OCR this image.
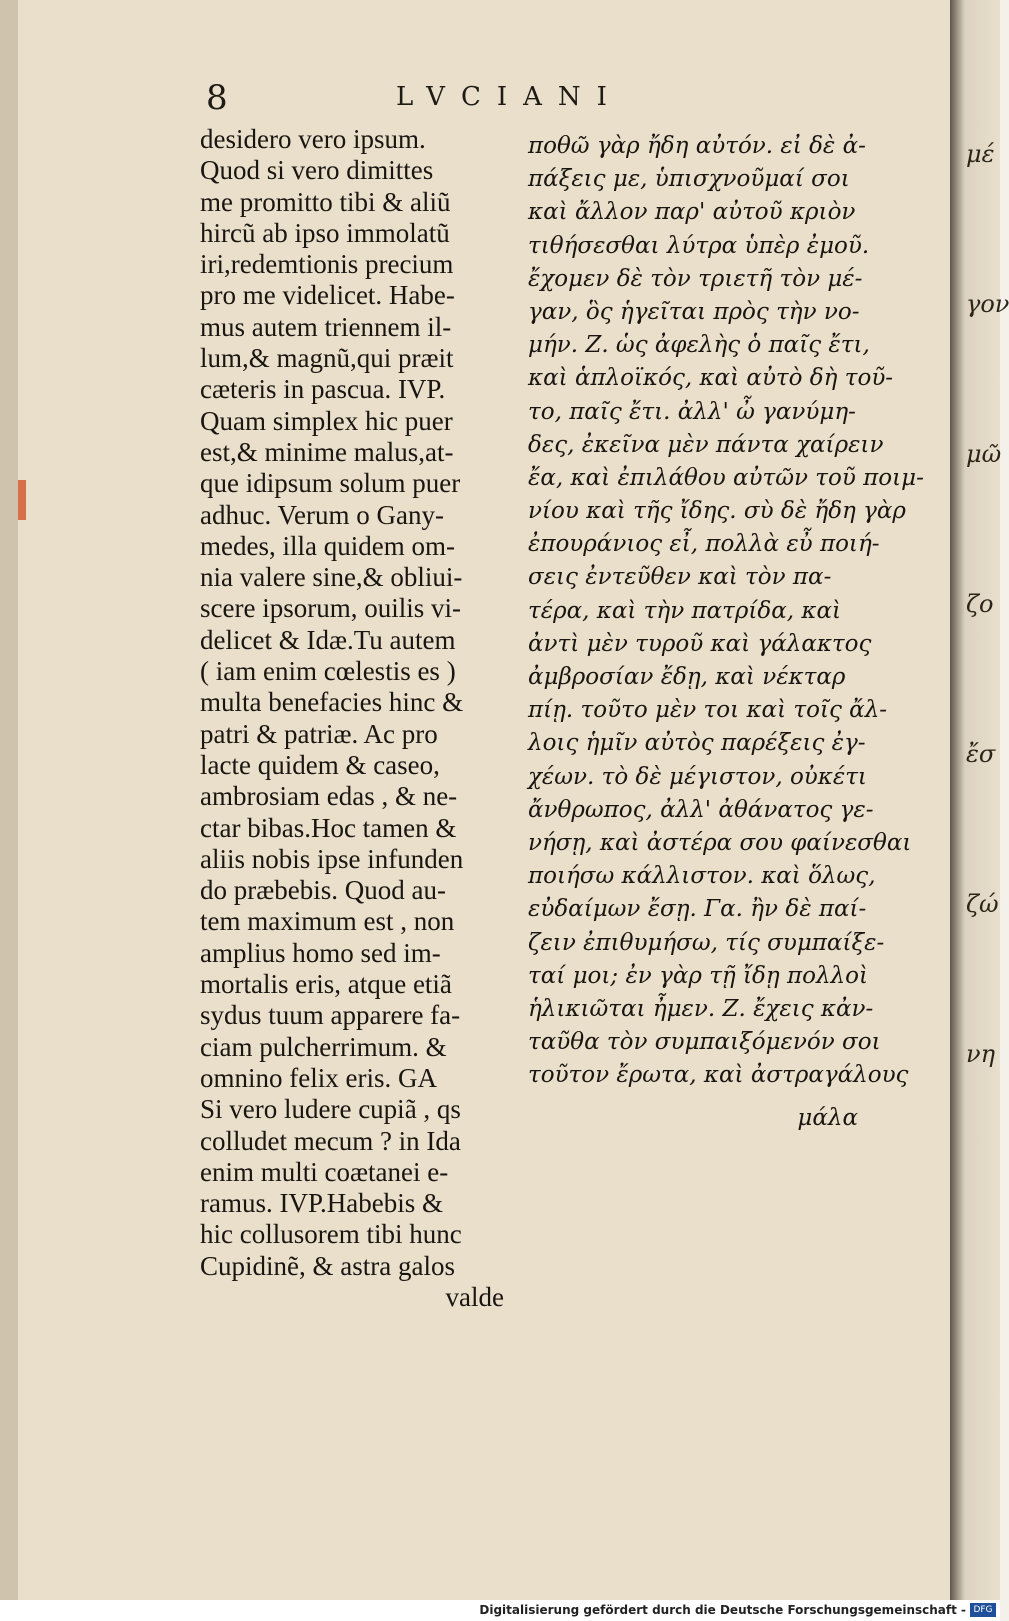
8	LVCIANI
desidero vero ipsum.
Quod si vero dimittes
me promitto tibi & aliũ
hircũ ab ipso immolatũ
iri,redemtionis precium
pro me videlicet. Habe-
mus autem triennem il-
lum,& magnũ,qui præit
cæteris in pascua. IVP.
Quam simplex hic puer
est,& minime malus,at-
que idipsum solum puer
adhuc. Verum o Gany-
medes, illa quidem om-
nia valere sine,& obliui-
scere ipsorum, ouilis vi-
delicet & Idæ.Tu autem
( iam enim cœlestis es )
multa benefacies hinc &
patri & patriæ. Ac pro
lacte quidem & caseo,
ambrosiam edas , & ne-
ctar bibas.Hoc tamen &
aliis nobis ipse infunden
do præbebis. Quod au-
tem maximum est , non
amplius homo sed im-
mortalis eris, atque etiã
sydus tuum apparere fa-
ciam pulcherrimum. &
omnino felix eris. GA
Si vero ludere cupiã , qs
colludet mecum ? in Ida
enim multi coætanei e-
ramus. IVP.Habebis &
hic collusorem tibi hunc
Cupidinẽ, & astra galos
valde
ποθῶ γὰρ ἤδη αὐτόν. εἰ δὲ ἀ-
πάξεις με, ὑπισχνοῦμαί σοι
καὶ ἄλλον παρ' αὐτοῦ κριὸν
τιθήσεσθαι λύτρα ὑπὲρ ἐμοῦ.
ἔχομεν δὲ τὸν τριετῆ τὸν μέ-
γαν, ὃς ἡγεῖται πρὸς τὴν νο-
μήν. Ζ. ὡς ἀφελὴς ὁ παῖς ἔτι,
καὶ ἁπλοϊκός, καὶ αὐτὸ δὴ τοῦ-
το, παῖς ἔτι. ἀλλ' ὦ γανύμη-
δες, ἐκεῖνα μὲν πάντα χαίρειν
ἔα, καὶ ἐπιλάθου αὐτῶν τοῦ ποιμ-
νίου καὶ τῆς ἴδης. σὺ δὲ ἤδη γὰρ
ἐπουράνιος εἶ, πολλὰ εὖ ποιή-
σεις ἐντεῦθεν καὶ τὸν πα-
τέρα, καὶ τὴν πατρίδα, καὶ
ἀντὶ μὲν τυροῦ καὶ γάλακτος
ἀμβροσίαν ἔδῃ, καὶ νέκταρ
πίῃ. τοῦτο μὲν τοι καὶ τοῖς ἄλ-
λοις ἡμῖν αὐτὸς παρέξεις ἐγ-
χέων. τὸ δὲ μέγιστον, οὐκέτι
ἄνθρωπος, ἀλλ' ἀθάνατος γε-
νήσῃ, καὶ ἀστέρα σου φαίνεσθαι
ποιήσω κάλλιστον. καὶ ὅλως,
εὐδαίμων ἔσῃ. Γα. ἢν δὲ παί-
ζειν ἐπιθυμήσω, τίς συμπαίξε-
ταί μοι; ἐν γὰρ τῇ ἴδῃ πολλοὶ
ἡλικιῶται ἦμεν. Ζ. ἔχεις κἀν-
ταῦθα τὸν συμπαιξόμενόν σοι
τοῦτον ἔρωτα, καὶ ἀστραγάλους
μάλα
μέ
γον
μῶ
ζο
ἔσ
ζώ
νη
Digitalisierung gefördert durch die Deutsche Forschungsgemeinschaft - DFG
